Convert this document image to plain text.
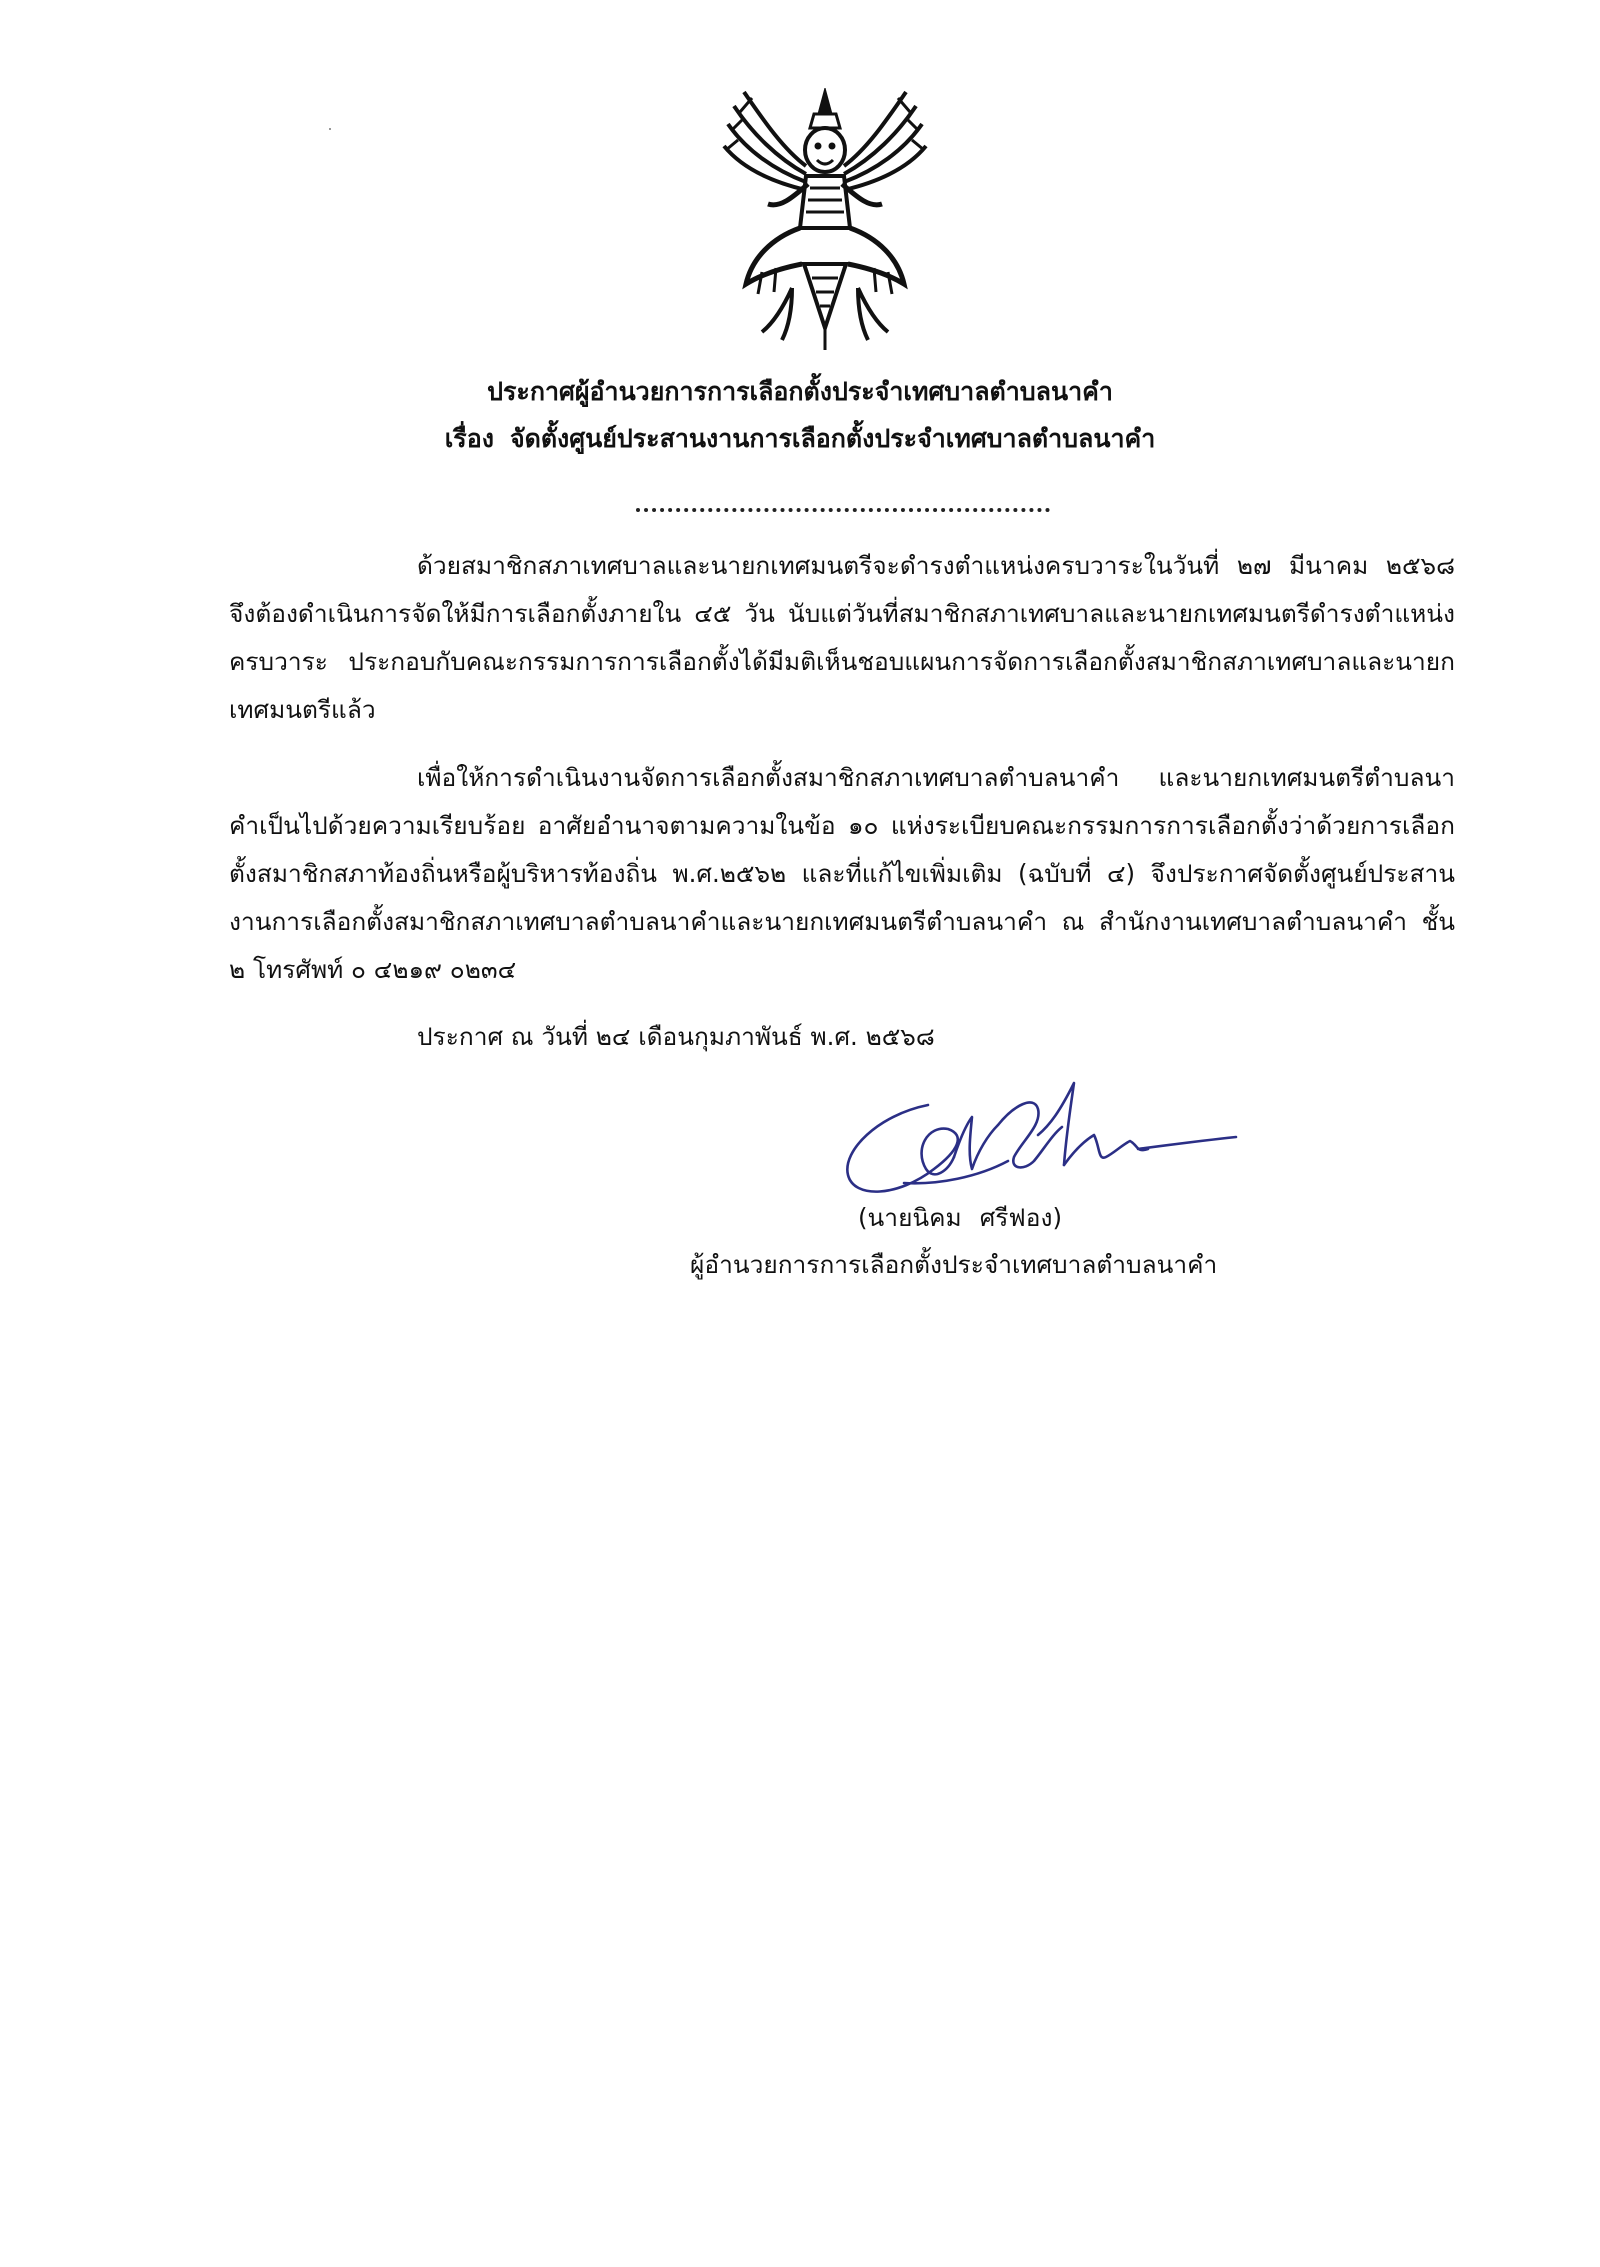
ประกาศผู้อำนวยการการเลือกตั้งประจำเทศบาลตำบลนาคำ
เรื่อง จัดตั้งศูนย์ประสานงานการเลือกตั้งประจำเทศบาลตำบลนาคำ
ด้วยสมาชิกสภาเทศบาลและนายกเทศมนตรีจะดำรงตำแหน่งครบวาระในวันที่ ๒๗ มีนาคม ๒๕๖๘ จึงต้องดำเนินการจัดให้มีการเลือกตั้งภายใน ๔๕ วัน นับแต่วันที่สมาชิกสภาเทศบาลและนายกเทศมนตรีดำรงตำแหน่งครบวาระ ประกอบกับคณะกรรมการการเลือกตั้งได้มีมติเห็นชอบแผนการจัดการเลือกตั้งสมาชิกสภาเทศบาลและนายกเทศมนตรีแล้ว
เพื่อให้การดำเนินงานจัดการเลือกตั้งสมาชิกสภาเทศบาลตำบลนาคำ และนายกเทศมนตรีตำบลนาคำเป็นไปด้วยความเรียบร้อย อาศัยอำนาจตามความในข้อ ๑๐ แห่งระเบียบคณะกรรมการการเลือกตั้งว่าด้วยการเลือกตั้งสมาชิกสภาท้องถิ่นหรือผู้บริหารท้องถิ่น พ.ศ.๒๕๖๒ และที่แก้ไขเพิ่มเติม (ฉบับที่ ๔) จึงประกาศจัดตั้งศูนย์ประสานงานการเลือกตั้งสมาชิกสภาเทศบาลตำบลนาคำและนายกเทศมนตรีตำบลนาคำ ณ สำนักงานเทศบาลตำบลนาคำ ชั้น ๒ โทรศัพท์ ๐ ๔๒๑๙ ๐๒๓๔
ประกาศ ณ วันที่ ๒๔ เดือนกุมภาพันธ์ พ.ศ. ๒๕๖๘
(นายนิคม ศรีฟอง)
ผู้อำนวยการการเลือกตั้งประจำเทศบาลตำบลนาคำ
